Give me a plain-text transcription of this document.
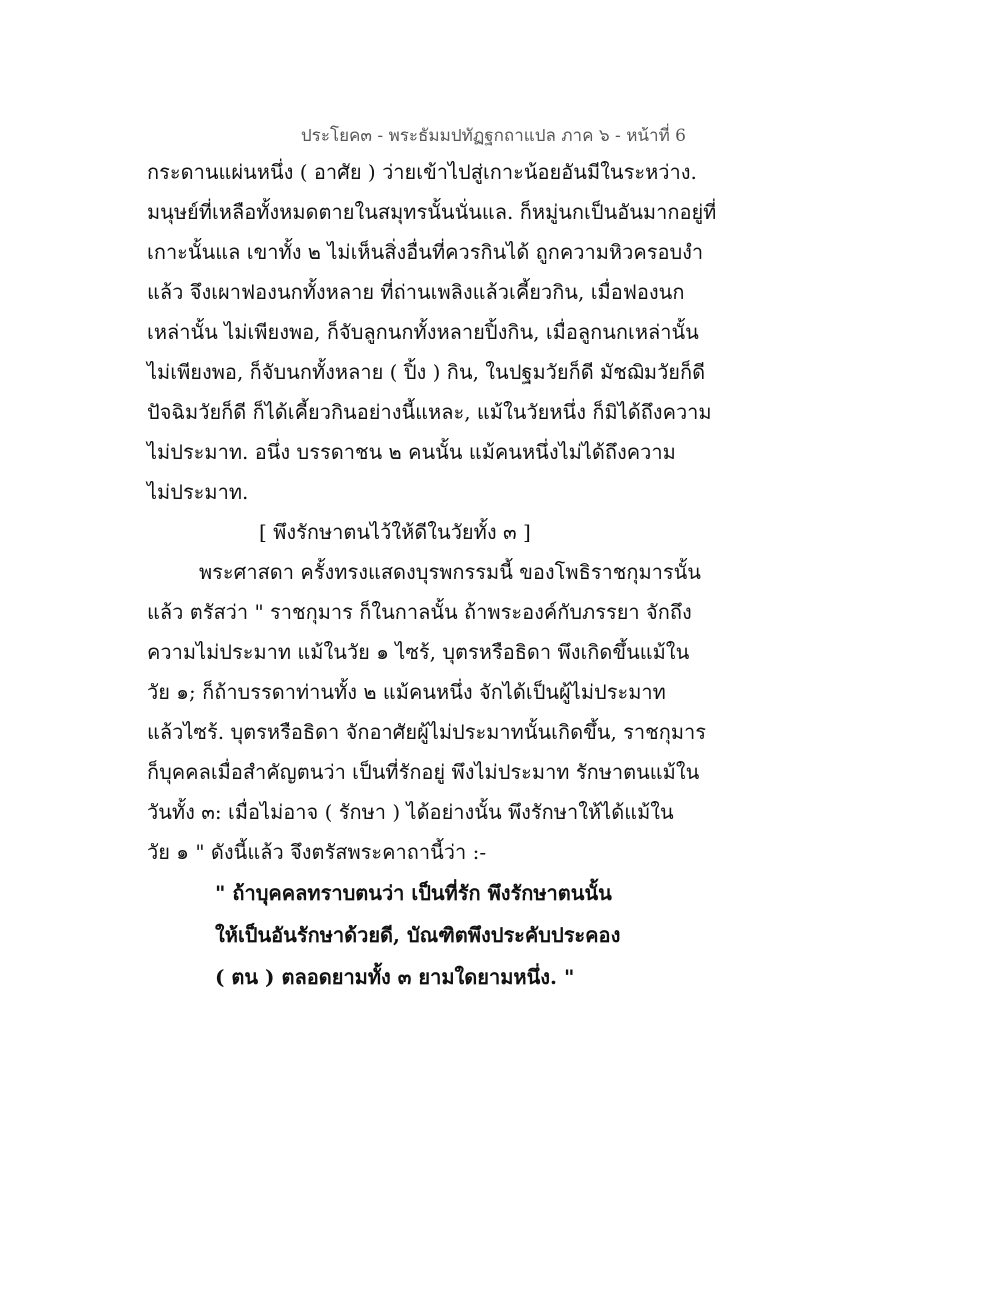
ประโยค๓ - พระธัมมปทัฏฐกถาแปล ภาค ๖ - หน้าที่ 6
กระดานแผ่นหนึ่ง ( อาศัย ) ว่ายเข้าไปสู่เกาะน้อยอันมีในระหว่าง.
มนุษย์ที่เหลือทั้งหมดตายในสมุทรนั้นนั่นแล. ก็หมู่นกเป็นอันมากอยู่ที่
เกาะนั้นแล เขาทั้ง ๒ ไม่เห็นสิ่งอื่นที่ควรกินได้ ถูกความหิวครอบงำ
แล้ว จึงเผาฟองนกทั้งหลาย ที่ถ่านเพลิงแล้วเคี้ยวกิน, เมื่อฟองนก
เหล่านั้น ไม่เพียงพอ, ก็จับลูกนกทั้งหลายปิ้งกิน, เมื่อลูกนกเหล่านั้น
ไม่เพียงพอ, ก็จับนกทั้งหลาย ( ปิ้ง ) กิน, ในปฐมวัยก็ดี มัชฌิมวัยก็ดี
ปัจฉิมวัยก็ดี ก็ได้เคี้ยวกินอย่างนี้แหละ, แม้ในวัยหนึ่ง ก็มิได้ถึงความ
ไม่ประมาท. อนึ่ง บรรดาชน ๒ คนนั้น แม้คนหนึ่งไม่ได้ถึงความ
ไม่ประมาท.
[ พึงรักษาตนไว้ให้ดีในวัยทั้ง ๓ ]
พระศาสดา ครั้งทรงแสดงบุรพกรรมนี้ ของโพธิราชกุมารนั้น
แล้ว ตรัสว่า " ราชกุมาร ก็ในกาลนั้น ถ้าพระองค์กับภรรยา จักถึง
ความไม่ประมาท แม้ในวัย ๑ ไซร้, บุตรหรือธิดา พึงเกิดขึ้นแม้ใน
วัย ๑; ก็ถ้าบรรดาท่านทั้ง ๒ แม้คนหนึ่ง จักได้เป็นผู้ไม่ประมาท
แล้วไซร้. บุตรหรือธิดา จักอาศัยผู้ไม่ประมาทนั้นเกิดขึ้น, ราชกุมาร
ก็บุคคลเมื่อสำคัญตนว่า เป็นที่รักอยู่ พึงไม่ประมาท รักษาตนแม้ใน
วันทั้ง ๓: เมื่อไม่อาจ ( รักษา ) ได้อย่างนั้น พึงรักษาให้ได้แม้ใน
วัย ๑ " ดังนี้แล้ว จึงตรัสพระคาถานี้ว่า :-
" ถ้าบุคคลทราบตนว่า เป็นที่รัก พึงรักษาตนนั้น
ให้เป็นอันรักษาด้วยดี, บัณฑิตพึงประคับประคอง
( ตน ) ตลอดยามทั้ง ๓ ยามใดยามหนึ่ง. "
